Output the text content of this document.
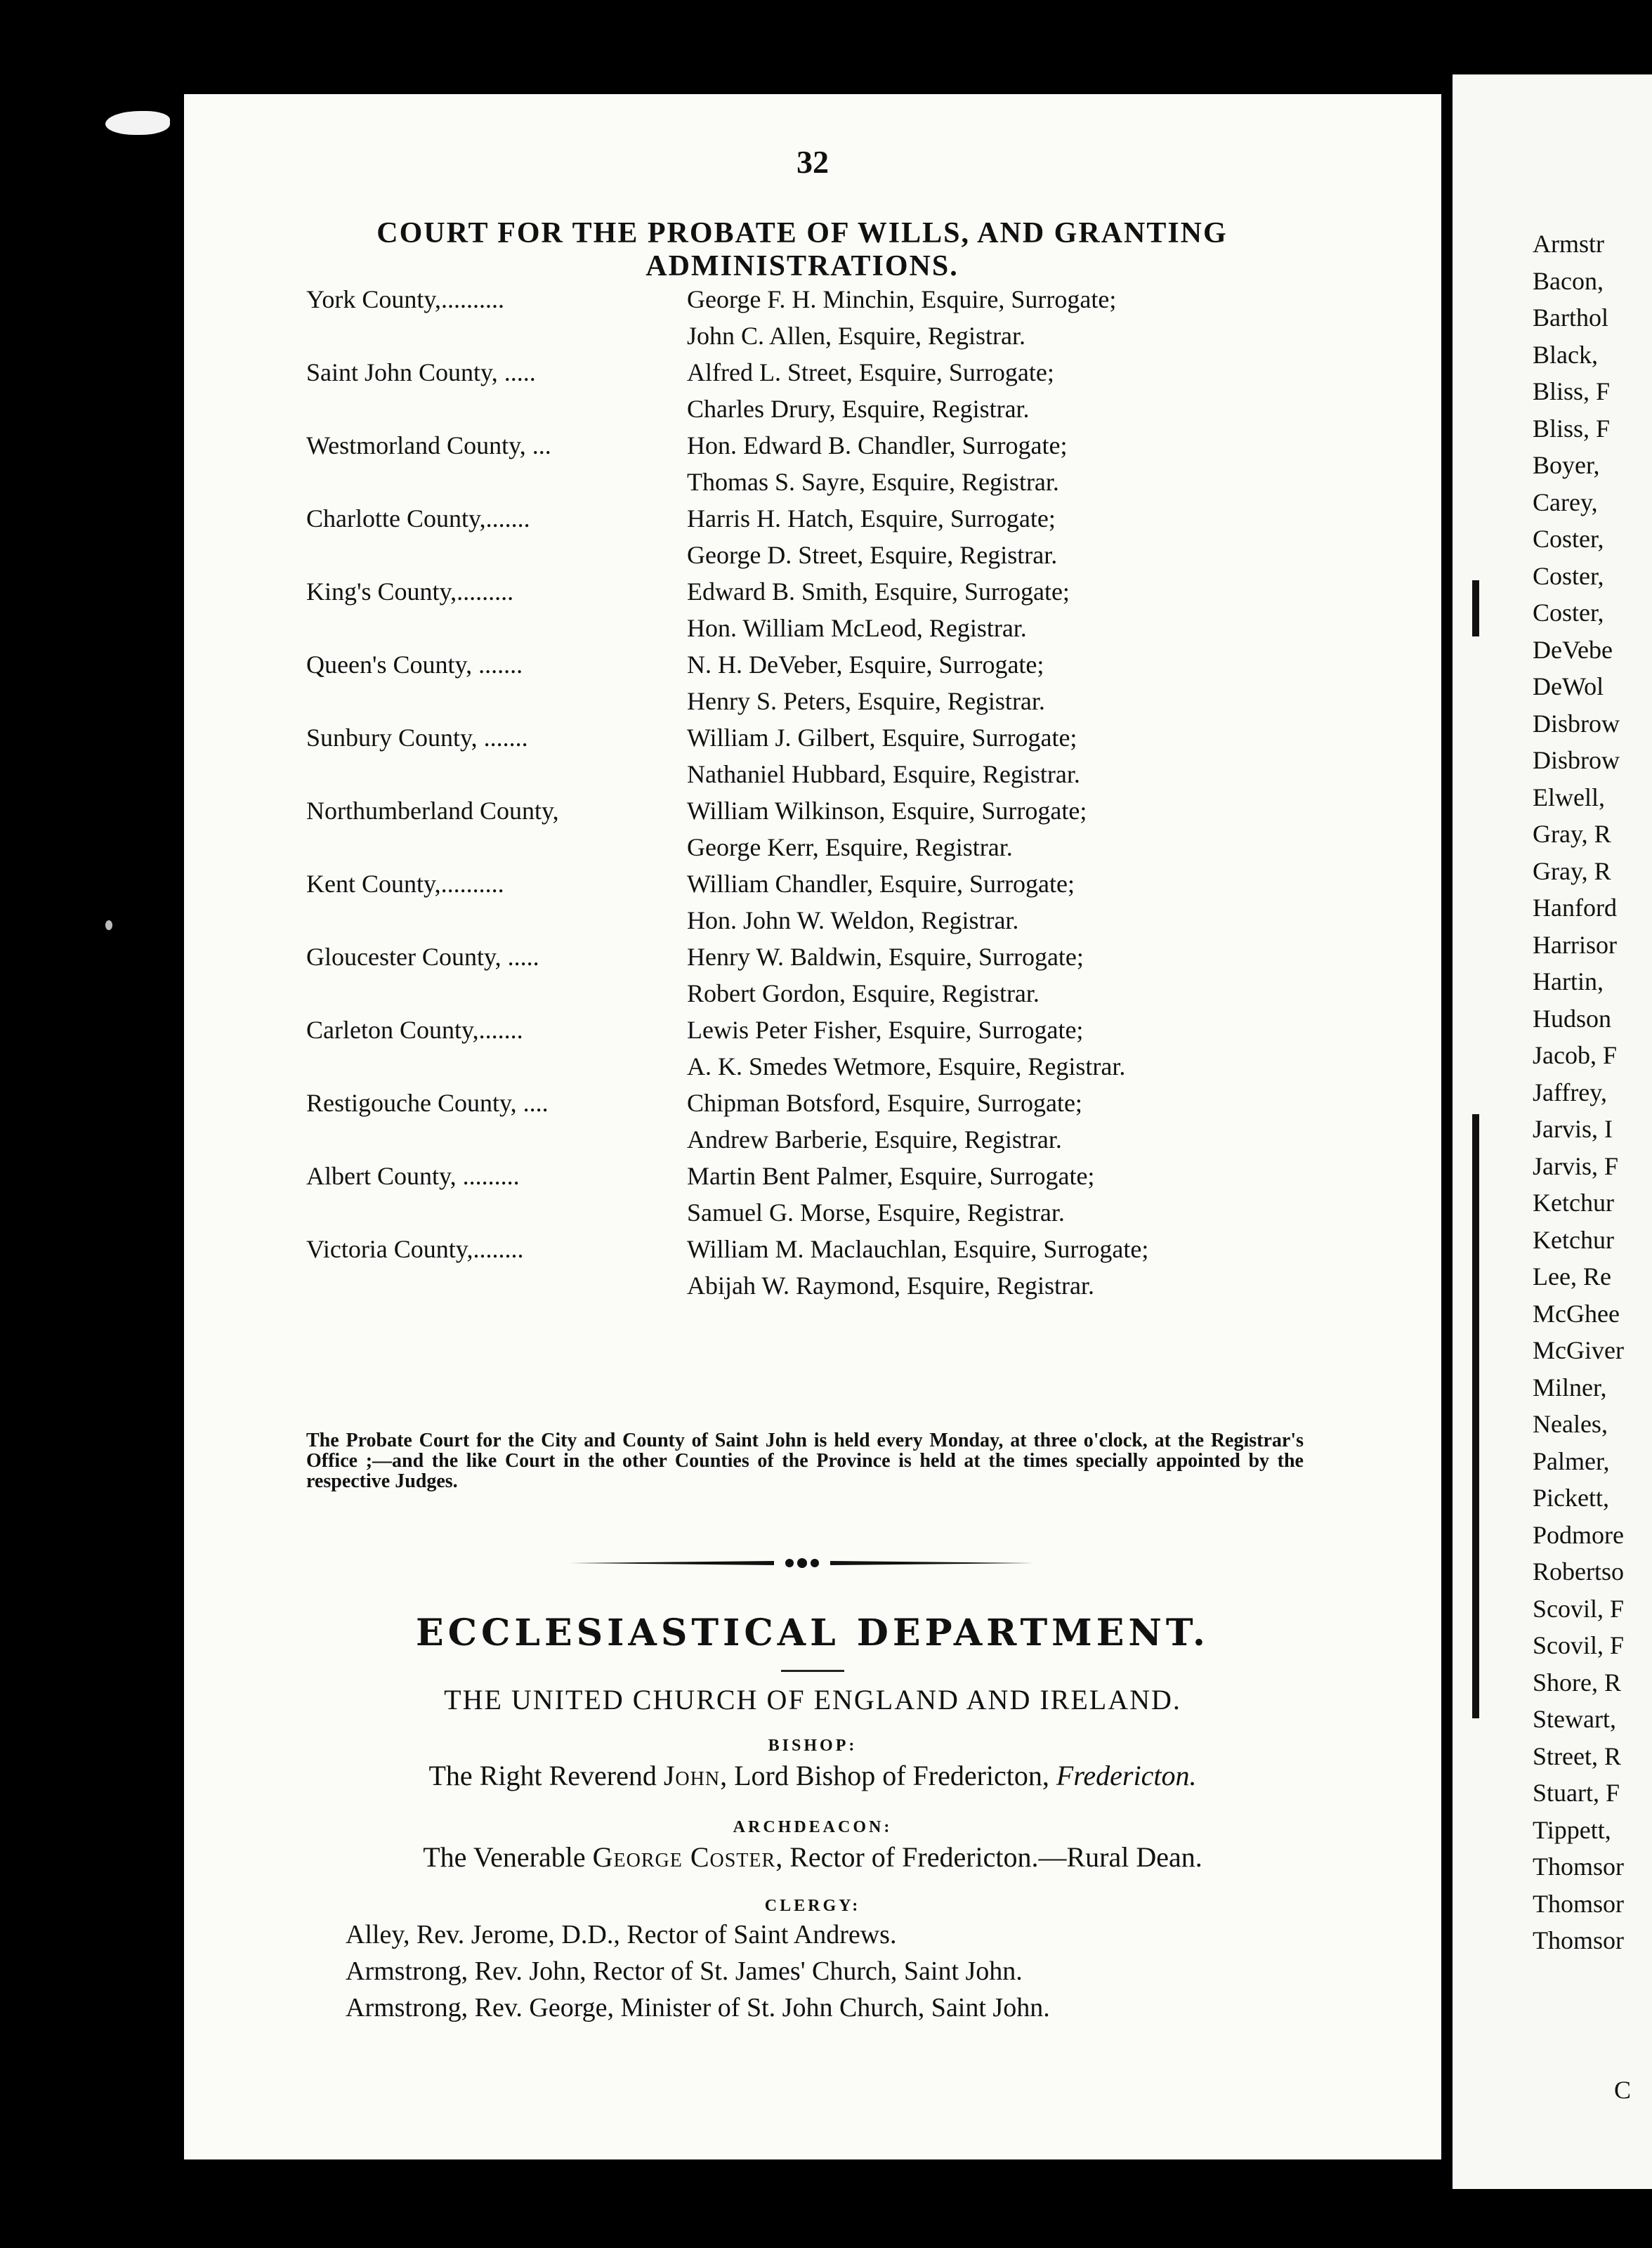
32
COURT FOR THE PROBATE OF WILLS, AND GRANTING ADMINISTRATIONS.
York County,..........	George F. H. Minchin, Esquire, Surrogate;
John C. Allen, Esquire, Registrar.
Saint John County, .....	Alfred L. Street, Esquire, Surrogate;
Charles Drury, Esquire, Registrar.
Westmorland County, ...	Hon. Edward B. Chandler, Surrogate;
Thomas S. Sayre, Esquire, Registrar.
Charlotte County,.......	Harris H. Hatch, Esquire, Surrogate;
George D. Street, Esquire, Registrar.
King's County,.........	Edward B. Smith, Esquire, Surrogate;
Hon. William McLeod, Registrar.
Queen's County, .......	N. H. DeVeber, Esquire, Surrogate;
Henry S. Peters, Esquire, Registrar.
Sunbury County, .......	William J. Gilbert, Esquire, Surrogate;
Nathaniel Hubbard, Esquire, Registrar.
Northumberland County,	William Wilkinson, Esquire, Surrogate;
George Kerr, Esquire, Registrar.
Kent County,..........	William Chandler, Esquire, Surrogate;
Hon. John W. Weldon, Registrar.
Gloucester County, .....	Henry W. Baldwin, Esquire, Surrogate;
Robert Gordon, Esquire, Registrar.
Carleton County,.......	Lewis Peter Fisher, Esquire, Surrogate;
A. K. Smedes Wetmore, Esquire, Registrar.
Restigouche County, ....	Chipman Botsford, Esquire, Surrogate;
Andrew Barberie, Esquire, Registrar.
Albert County, .........	Martin Bent Palmer, Esquire, Surrogate;
Samuel G. Morse, Esquire, Registrar.
Victoria County,........	William M. Maclauchlan, Esquire, Surrogate;
Abijah W. Raymond, Esquire, Registrar.
The Probate Court for the City and County of Saint John is held every Monday, at three o'clock, at the Registrar's Office ;—and the like Court in the other Counties of the Province is held at the times specially appointed by the respective Judges.
ECCLESIASTICAL DEPARTMENT.
THE UNITED CHURCH OF ENGLAND AND IRELAND.
BISHOP:
The Right Reverend John, Lord Bishop of Fredericton, Fredericton.
ARCHDEACON:
The Venerable George Coster, Rector of Fredericton.—Rural Dean.
CLERGY:
Alley, Rev. Jerome, D.D., Rector of Saint Andrews.
Armstrong, Rev. John, Rector of St. James' Church, Saint John.
Armstrong, Rev. George, Minister of St. John Church, Saint John.
Armstr
Bacon,
Barthol
Black,
Bliss, F
Bliss, F
Boyer,
Carey,
Coster,
Coster,
Coster,
DeVebe
DeWol
Disbrow
Disbrow
Elwell,
Gray, R
Gray, R
Hanford
Harrisor
Hartin,
Hudson
Jacob, F
Jaffrey,
Jarvis, I
Jarvis, F
Ketchur
Ketchur
Lee, Re
McGhee
McGiver
Milner,
Neales,
Palmer,
Pickett,
Podmore
Robertso
Scovil, F
Scovil, F
Shore, R
Stewart,
Street, R
Stuart, F
Tippett,
Thomsor
Thomsor
Thomsor
C
